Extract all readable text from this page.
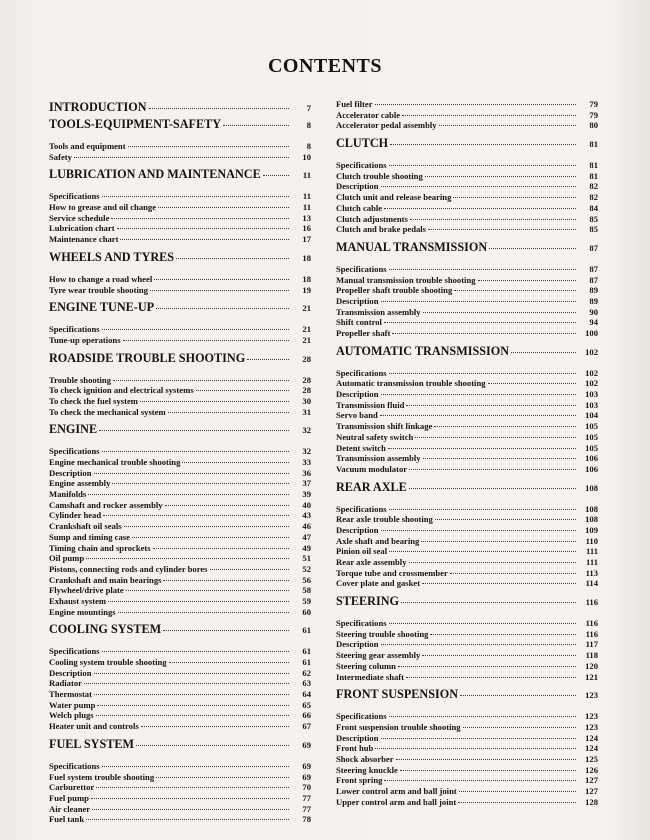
CONTENTS
INTRODUCTION	7
TOOLS-EQUIPMENT-SAFETY	8
Tools and equipment	8
Safety	10
LUBRICATION AND MAINTENANCE	11
Specifications	11
How to grease and oil change	11
Service schedule	13
Lubrication chart	16
Maintenance chart	17
WHEELS AND TYRES	18
How to change a road wheel	18
Tyre wear trouble shooting	19
ENGINE TUNE-UP	21
Specifications	21
Tune-up operations	21
ROADSIDE TROUBLE SHOOTING	28
Trouble shooting	28
To check ignition and electrical systems	28
To check the fuel system	30
To check the mechanical system	31
ENGINE	32
Specifications	32
Engine mechanical trouble shooting	33
Description	36
Engine assembly	37
Manifolds	39
Camshaft and rocker assembly	40
Cylinder head	43
Crankshaft oil seals	46
Sump and timing case	47
Timing chain and sprockets	49
Oil pump	51
Pistons, connecting rods and cylinder bores	52
Crankshaft and main bearings	56
Flywheel/drive plate	58
Exhaust system	59
Engine mountings	60
COOLING SYSTEM	61
Specifications	61
Cooling system trouble shooting	61
Description	62
Radiator	63
Thermostat	64
Water pump	65
Welch plugs	66
Heater unit and controls	67
FUEL SYSTEM	69
Specifications	69
Fuel system trouble shooting	69
Carburettor	70
Fuel pump	77
Air cleaner	77
Fuel tank	78
Fuel filter	79
Accelerator cable	79
Accelerator pedal assembly	80
CLUTCH	81
Specifications	81
Clutch trouble shooting	81
Description	82
Clutch unit and release bearing	82
Clutch cable	84
Clutch adjustments	85
Clutch and brake pedals	85
MANUAL TRANSMISSION	87
Specifications	87
Manual transmission trouble shooting	87
Propeller shaft trouble shooting	89
Description	89
Transmission assembly	90
Shift control	94
Propeller shaft	100
AUTOMATIC TRANSMISSION	102
Specifications	102
Automatic transmission trouble shooting	102
Description	103
Transmission fluid	103
Servo band	104
Transmission shift linkage	105
Neutral safety switch	105
Detent switch	105
Transmission assembly	106
Vacuum modulator	106
REAR AXLE	108
Specifications	108
Rear axle trouble shooting	108
Description	109
Axle shaft and bearing	110
Pinion oil seal	111
Rear axle assembly	111
Torque tube and crossmember	113
Cover plate and gasket	114
STEERING	116
Specifications	116
Steering trouble shooting	116
Description	117
Steering gear assembly	118
Steering column	120
Intermediate shaft	121
FRONT SUSPENSION	123
Specifications	123
Front suspension trouble shooting	123
Description	124
Front hub	124
Shock absorber	125
Steering knuckle	126
Front spring	127
Lower control arm and ball joint	127
Upper control arm and ball joint	128
